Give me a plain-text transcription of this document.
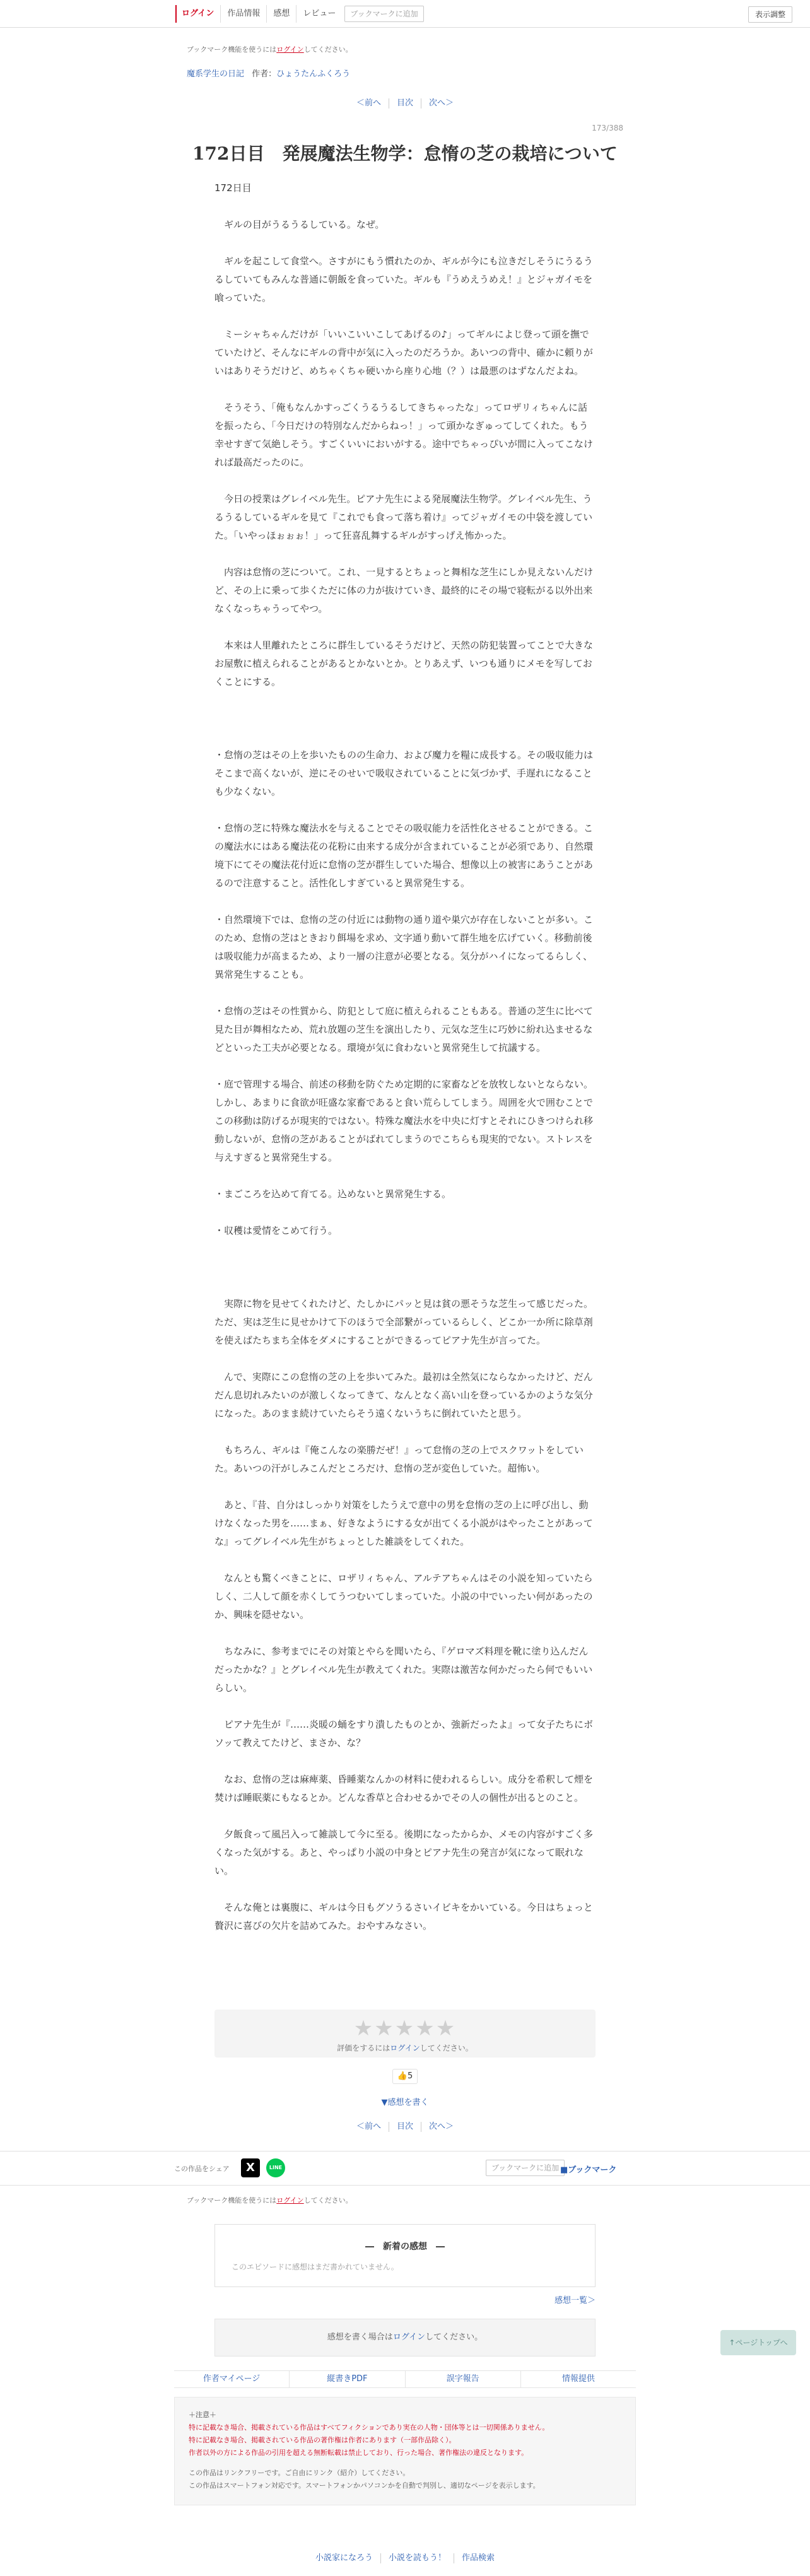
ログイン	作品情報	感想	レビュー	ブックマークに追加	表示調整
ブックマーク機能を使うにはログインしてください。
魔系学生の日記 作者：ひょうたんふくろう
＜前へ	目次	次へ＞
173/388
172日目　発展魔法生物学：怠惰の芝の栽培について

172日目

　ギルの目がうるうるしている。なぜ。

　ギルを起こして食堂へ。さすがにもう慣れたのか、ギルが今にも泣きだしそうにうるうるしていてもみんな普通に朝飯を食っていた。ギルも『うめえうめえ！』とジャガイモを喰っていた。

　ミーシャちゃんだけが「いいこいいこしてあげるの♪」ってギルによじ登って頭を撫でていたけど、そんなにギルの背中が気に入ったのだろうか。あいつの背中、確かに頼りがいはありそうだけど、めちゃくちゃ硬いから座り心地（？）は最悪のはずなんだよね。

　そうそう、「俺もなんかすっごくうるうるしてきちゃったな」ってロザリィちゃんに話を振ったら、「今日だけの特別なんだからねっ！」って頭かなぎゅってしてくれた。もう幸せすぎて気絶しそう。すごくいいにおいがする。途中でちゃっぴいが間に入ってこなければ最高だったのに。

　今日の授業はグレイベル先生。ピアナ先生による発展魔法生物学。グレイベル先生、うるうるしているギルを見て『これでも食って落ち着け』ってジャガイモの中袋を渡していた。「いやっほぉぉぉ！」って狂喜乱舞するギルがすっげえ怖かった。

　内容は怠惰の芝について。これ、一見するとちょっと舞相な芝生にしか見えないんだけど、その上に乗って歩くただに体の力が抜けていき、最終的にその場で寝転がる以外出来なくなっちゃうってやつ。

　本来は人里離れたところに群生しているそうだけど、天然の防犯装置ってことで大きなお屋敷に植えられることがあるとかないとか。とりあえず、いつも通りにメモを写しておくことにする。

・怠惰の芝はその上を歩いたものの生命力、および魔力を糧に成長する。その吸収能力はそこまで高くないが、逆にそのせいで吸収されていることに気づかず、手遅れになることも少なくない。

・怠惰の芝に特殊な魔法水を与えることでその吸収能力を活性化させることができる。この魔法水にはある魔法花の花粉に由来する成分が含まれていることが必須であり、自然環境下にてその魔法花付近に怠惰の芝が群生していた場合、想像以上の被害にあうことがあるので注意すること。活性化しすぎていると異常発生する。

・自然環境下では、怠惰の芝の付近には動物の通り道や巣穴が存在しないことが多い。このため、怠惰の芝はときおり餌場を求め、文字通り動いて群生地を広げていく。移動前後は吸収能力が高まるため、より一層の注意が必要となる。気分がハイになってるらしく、異常発生することも。

・怠惰の芝はその性質から、防犯として庭に植えられることもある。普通の芝生に比べて見た目が舞相なため、荒れ放題の芝生を演出したり、元気な芝生に巧妙に紛れ込ませるなどといった工夫が必要となる。環境が気に食わないと異常発生して抗議する。

・庭で管理する場合、前述の移動を防ぐため定期的に家畜などを放牧しないとならない。しかし、あまりに食欲が旺盛な家畜であると食い荒らしてしまう。周囲を火で囲むことでこの移動は防げるが現実的ではない。特殊な魔法水を中央に灯すとそれにひきつけられ移動しないが、怠惰の芝があることがばれてしまうのでこちらも現実的でない。ストレスを与えすぎると異常発生する。

・まごころを込めて育てる。込めないと異常発生する。

・収穫は愛情をこめて行う。

　実際に物を見せてくれたけど、たしかにパッと見は貧の悪そうな芝生って感じだった。ただ、実は芝生に見せかけて下のほうで全部繋がっているらしく、どこか一か所に除草剤を使えばたちまち全体をダメにすることができるってピアナ先生が言ってた。

　んで、実際にこの怠惰の芝の上を歩いてみた。最初は全然気にならなかったけど、だんだん息切れみたいのが激しくなってきて、なんとなく高い山を登っているかのような気分になった。あのまま続けていたらそう遠くないうちに倒れていたと思う。

　もちろん、ギルは『俺こんなの楽勝だぜ！』って怠惰の芝の上でスクワットをしていた。あいつの汗がしみこんだところだけ、怠惰の芝が変色していた。超怖い。

　あと、『昔、自分はしっかり対策をしたうえで意中の男を怠惰の芝の上に呼び出し、動けなくなった男を……まぁ、好きなようにする女が出てくる小説がはやったことがあってな』ってグレイベル先生がちょっとした雑談をしてくれた。

　なんとも驚くべきことに、ロザリィちゃん、アルテアちゃんはその小説を知っていたらしく、二人して顔を赤くしてうつむいてしまっていた。小説の中でいったい何があったのか、興味を隠せない。

　ちなみに、参考までにその対策とやらを聞いたら、『ゲロマズ料理を靴に塗り込んだんだったかな？』とグレイベル先生が教えてくれた。実際は激苦な何かだったら何でもいいらしい。

　ピアナ先生が『……炎暖の蛹をすり潰したものとか、強新だったよ』って女子たちにボソッて教えてたけど、まさか、な？

　なお、怠惰の芝は麻痺薬、昏睡薬なんかの材料に使われるらしい。成分を希釈して煙を焚けば睡眠薬にもなるとか。どんな香草と合わせるかでその人の個性が出るとのこと。

　夕飯食って風呂入って雑談して今に至る。後期になったからか、メモの内容がすごく多くなった気がする。あと、やっぱり小説の中身とピアナ先生の発言が気になって眠れない。

　そんな俺とは裏腹に、ギルは今日もグソうるさいイビキをかいている。今日はちょっと贅沢に喜びの欠片を詰めてみた。おやすみなさい。

★★★★★
評価をするにはログインしてください。
👍5
▼感想を書く
＜前へ	目次	次へ＞
この作品をシェア	X	LINE	ブックマークに追加 ■ブックマーク
ブックマーク機能を使うにはログインしてください。
―　新着の感想　―
このエピソードに感想はまだ書かれていません。
感想一覧＞
感想を書く場合はログインしてください。
↑ページトップへ
作者マイページ	縦書きPDF	誤字報告	情報提供
＋注意＋
特に記載なき場合、掲載されている作品はすべてフィクションであり実在の人物・団体等とは一切関係ありません。
特に記載なき場合、掲載されている作品の著作権は作者にあります（一部作品除く）。
作者以外の方による作品の引用を超える無断転載は禁止しており、行った場合、著作権法の違反となります。
この作品はリンクフリーです。ご自由にリンク（紹介）してください。
この作品はスマートフォン対応です。スマートフォンかパソコンかを自動で判別し、適切なページを表示します。
小説家になろう	小説を読もう！	作品検索
